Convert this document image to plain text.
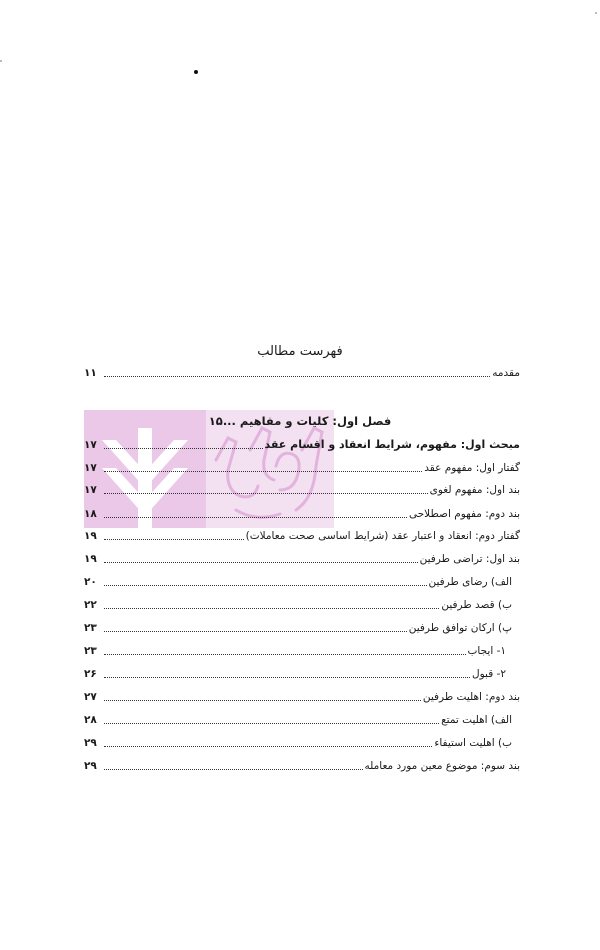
فهرست مطالب
مقدمه
۱۱
فصل اول: کلیات و مفاهیم ...۱۵
مبحث اول: مفهوم، شرایط انعقاد و اقسام عقد
۱۷
گفتار اول: مفهوم عقد
۱۷
بند اول: مفهوم لغوی
۱۷
بند دوم: مفهوم اصطلاحی
۱۸
گفتار دوم: انعقاد و اعتبار عقد (شرایط اساسی صحت معاملات)
۱۹
بند اول: تراضی طرفین
۱۹
الف) رضای طرفین
۲۰
ب) قصد طرفین
۲۲
پ) ارکان توافق طرفین
۲۳
۱- ایجاب
۲۳
۲- قبول
۲۶
بند دوم: اهلیت طرفین
۲۷
الف) اهلیت تمتع
۲۸
ب) اهلیت استیفاء
۲۹
بند سوم: موضوع معین مورد معامله
۲۹
